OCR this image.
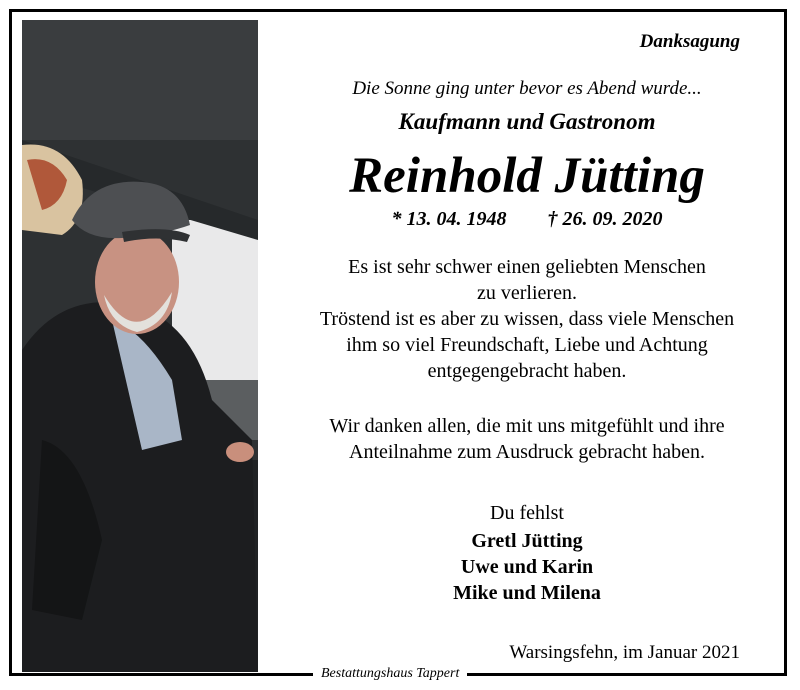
Danksagung
Die Sonne ging unter bevor es Abend wurde...
Kaufmann und Gastronom
Reinhold Jütting
* 13. 04. 1948 † 26. 09. 2020
Es ist sehr schwer einen geliebten Menschen
zu verlieren.
Tröstend ist es aber zu wissen, dass viele Menschen
ihm so viel Freundschaft, Liebe und Achtung
entgegengebracht haben.
Wir danken allen, die mit uns mitgefühlt und ihre
Anteilnahme zum Ausdruck gebracht haben.
Du fehlst
Gretl Jütting
Uwe und Karin
Mike und Milena
Warsingsfehn, im Januar 2021
Bestattungshaus Tappert
